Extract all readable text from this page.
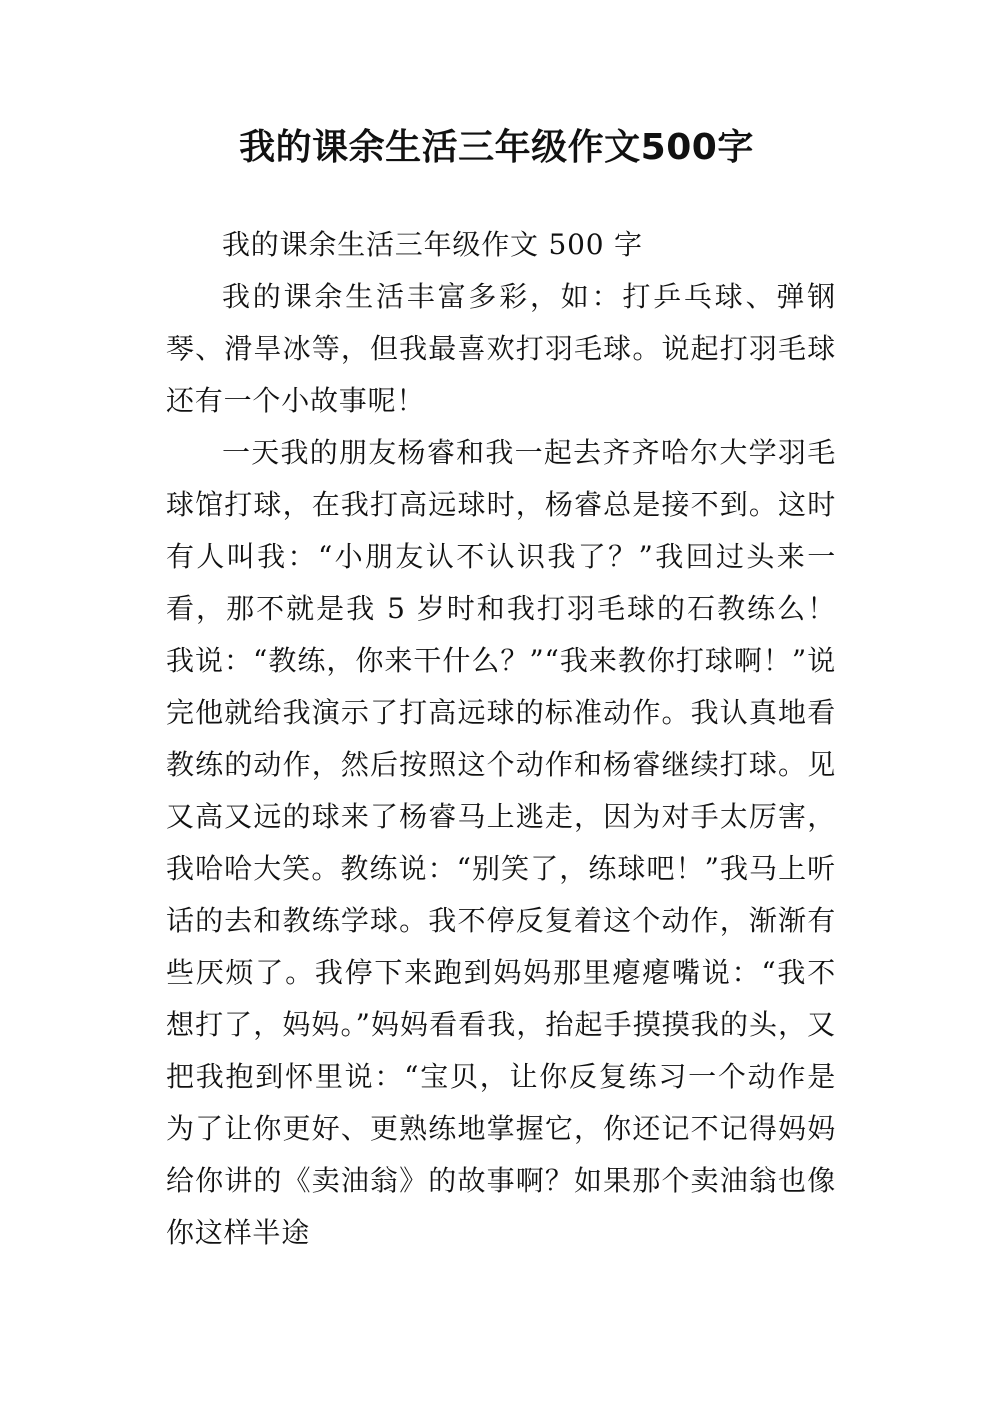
我的课余生活三年级作文500字

我的课余生活三年级作文 500 字

我的课余生活丰富多彩，如：打乒乓球、弹钢琴、滑旱冰等，但我最喜欢打羽毛球。说起打羽毛球还有一个小故事呢！

一天我的朋友杨睿和我一起去齐齐哈尔大学羽毛球馆打球，在我打高远球时，杨睿总是接不到。这时有人叫我：“小朋友认不认识我了？”我回过头来一看，那不就是我 5 岁时和我打羽毛球的石教练么！我说：“教练，你来干什么？”“我来教你打球啊！”说完他就给我演示了打高远球的标准动作。我认真地看教练的动作，然后按照这个动作和杨睿继续打球。见又高又远的球来了杨睿马上逃走，因为对手太厉害，我哈哈大笑。教练说：“别笑了，练球吧！”我马上听话的去和教练学球。我不停反复着这个动作，渐渐有些厌烦了。我停下来跑到妈妈那里瘪瘪嘴说：“我不想打了，妈妈。”妈妈看看我，抬起手摸摸我的头，又把我抱到怀里说：“宝贝，让你反复练习一个动作是为了让你更好、更熟练地掌握它，你还记不记得妈妈给你讲的《卖油翁》的故事啊？如果那个卖油翁也像你这样半途
